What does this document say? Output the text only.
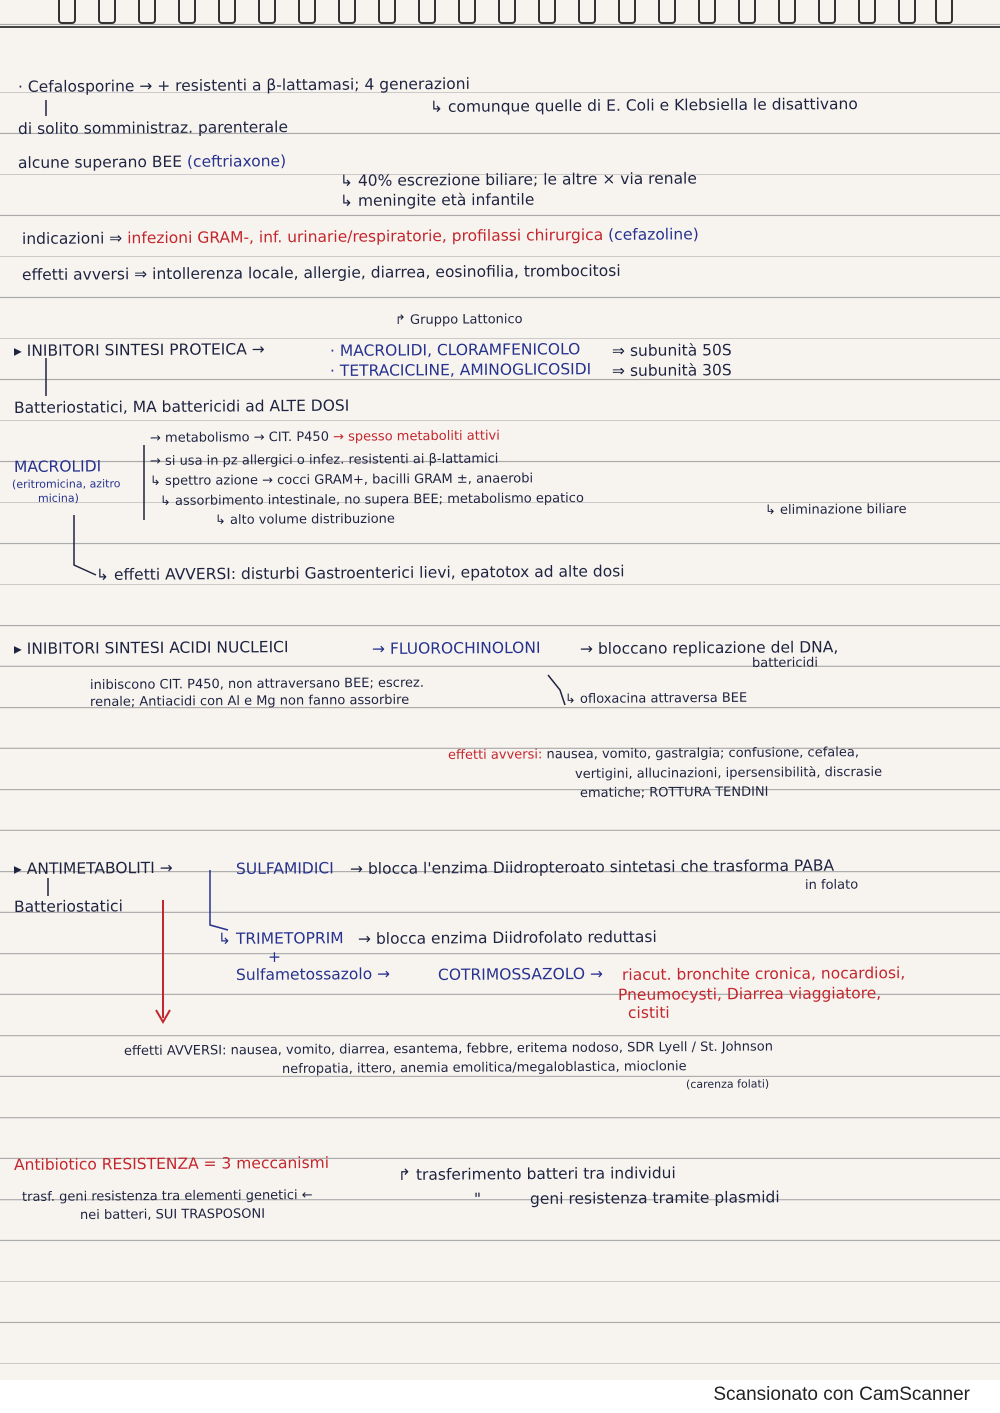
· Cefalosporine → + resistenti a β-lattamasi; 4 generazioni
↳ comunque quelle di E. Coli e Klebsiella le disattivano
di solito somministraz. parenterale
alcune superano BEE (ceftriaxone)
↳ 40% escrezione biliare; le altre × via renale
↳ meningite età infantile
indicazioni ⇒ infezioni GRAM-, inf. urinarie/respiratorie, profilassi chirurgica (cefazoline)
effetti avversi ⇒ intollerenza locale, allergie, diarrea, eosinofilia, trombocitosi
↱ Gruppo Lattonico
▸ INIBITORI SINTESI PROTEICA →	· MACROLIDI, CLORAMFENICOLO ⇒ subunità 50S
· TETRACICLINE, AMINOGLICOSIDI ⇒ subunità 30S
Batteriostatici, MA battericidi ad ALTE DOSI
MACROLIDI
(eritromicina, azitro
micina)
→ metabolismo → CIT. P450 → spesso metaboliti attivi
→ si usa in pz allergici o infez. resistenti ai β-lattamici
↳ spettro azione → cocci GRAM+, bacilli GRAM ±, anaerobi
↳ assorbimento intestinale, no supera BEE; metabolismo epatico
↳ eliminazione biliare
↳ alto volume distribuzione
↳ effetti AVVERSI: disturbi Gastroenterici lievi, epatotox ad alte dosi
▸ INIBITORI SINTESI ACIDI NUCLEICI	→ FLUOROCHINOLONI	→ bloccano replicazione del DNA,
battericidi
inibiscono CIT. P450, non attraversano BEE; escrez.
renale; Antiacidi con Al e Mg non fanno assorbire	↳ ofloxacina attraversa BEE
effetti avversi: nausea, vomito, gastralgia; confusione, cefalea,
vertigini, allucinazioni, ipersensibilità, discrasie
ematiche; ROTTURA TENDINI
▸ ANTIMETABOLITI →	SULFAMIDICI → blocca l'enzima Diidropteroato sintetasi che trasforma PABA
in folato
Batteriostatici
↳ TRIMETOPRIM → blocca enzima Diidrofolato reduttasi
+
Sulfametossazolo →	COTRIMOSSAZOLO → riacut. bronchite cronica, nocardiosi,
Pneumocysti, Diarrea viaggiatore,
cistiti
effetti AVVERSI: nausea, vomito, diarrea, esantema, febbre, eritema nodoso, SDR Lyell / St. Johnson
nefropatia, ittero, anemia emolitica/megaloblastica, mioclonie
(carenza folati)
Antibiotico RESISTENZA = 3 meccanismi
↱ trasferimento batteri tra individui
"	geni resistenza tramite plasmidi
trasf. geni resistenza tra elementi genetici ←
nei batteri, SUI TRASPOSONI
Scansionato con CamScanner
